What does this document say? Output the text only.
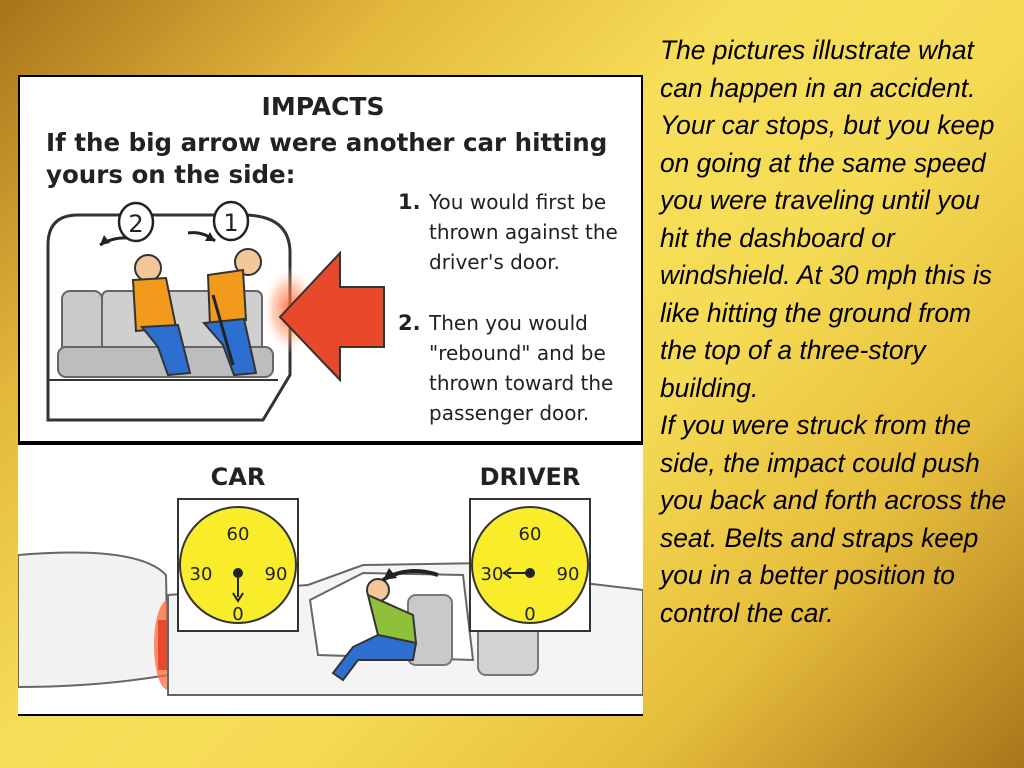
IMPACTS
If the big arrow were another car hitting
yours on the side:
1. You would first be
thrown against the
driver's door.
2. Then you would
"rebound" and be
thrown toward the
passenger door.
2	1
CAR
60
30	90
0
DRIVER
60
30	90
0

The pictures illustrate what can happen in an accident. Your car stops, but you keep on going at the same speed you were traveling until you hit the dashboard or windshield. At 30 mph this is like hitting the ground from the top of a three-story building.

If you were struck from the side, the impact could push you back and forth across the seat. Belts and straps keep you in a better position to control the car.
